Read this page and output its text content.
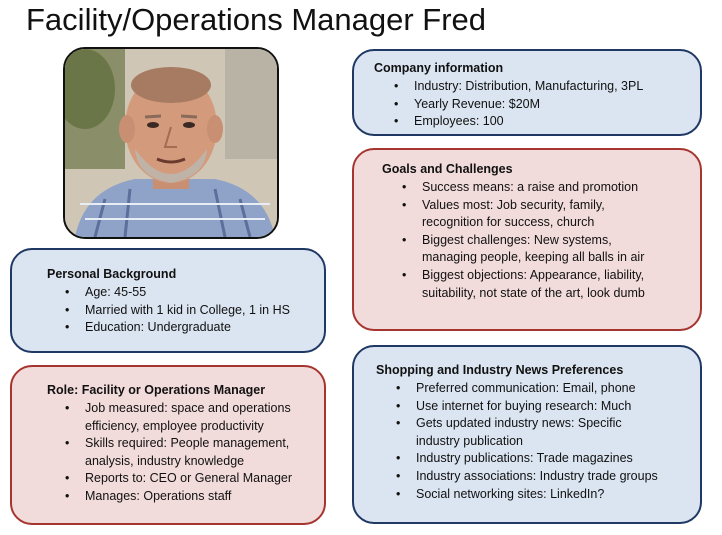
Facility/Operations Manager Fred
Company information
• Industry: Distribution, Manufacturing, 3PL
• Yearly Revenue: $20M
• Employees: 100
Goals and Challenges
• Success means: a raise and promotion
• Values most: Job security, family,
recognition for success, church
• Biggest challenges: New systems,
managing people, keeping all balls in air
• Biggest objections: Appearance, liability,
suitability, not state of the art, look dumb
Personal Background
• Age: 45-55
• Married with 1 kid in College, 1 in HS
• Education: Undergraduate
Role: Facility or Operations Manager
• Job measured: space and operations
efficiency, employee productivity
• Skills required: People management,
analysis, industry knowledge
• Reports to: CEO or General Manager
• Manages: Operations staff
Shopping and Industry News Preferences
• Preferred communication: Email, phone
• Use internet for buying research: Much
• Gets updated industry news: Specific
industry publication
• Industry publications: Trade magazines
• Industry associations: Industry trade groups
• Social networking sites: LinkedIn?
